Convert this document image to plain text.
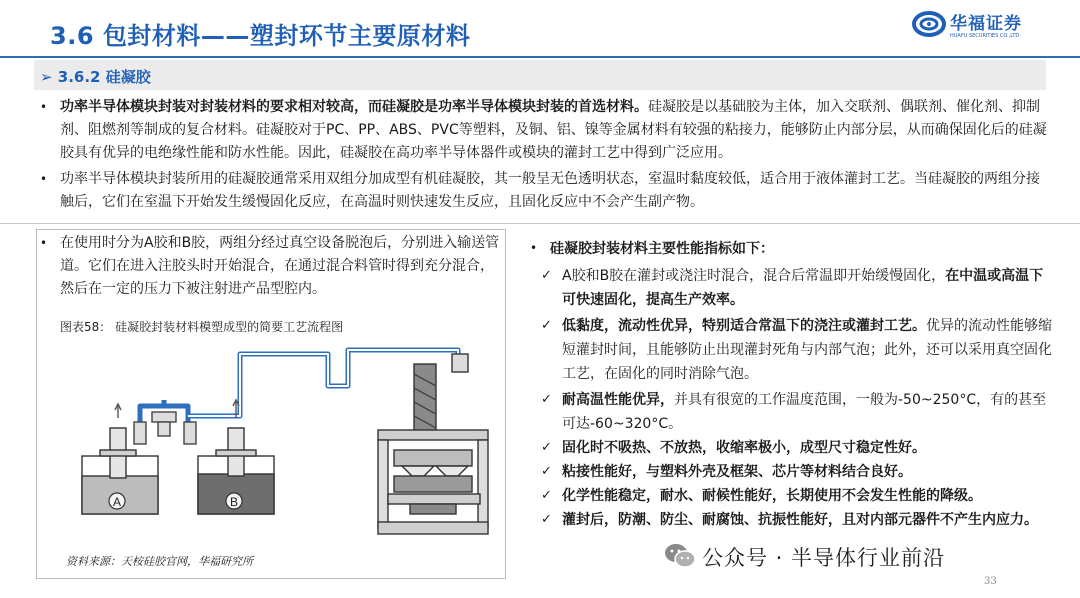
3.6 包封材料——塑封环节主要原材料	华福证券
HUAFU SECURITIES CO.,LTD.
➢ 3.6.2 硅凝胶
• 功率半导体模块封装对封装材料的要求相对较高，而硅凝胶是功率半导体模块封装的首选材料。硅凝胶是以基础胶为主体，加入交联剂、偶联剂、催化剂、抑制剂、阻燃剂等制成的复合材料。硅凝胶对于PC、PP、ABS、PVC等塑料，及铜、铝、镍等金属材料有较强的粘接力，能够防止内部分层，从而确保固化后的硅凝胶具有优异的电绝缘性能和防水性能。因此，硅凝胶在高功率半导体器件或模块的灌封工艺中得到广泛应用。
• 功率半导体模块封装所用的硅凝胶通常采用双组分加成型有机硅凝胶，其一般呈无色透明状态，室温时黏度较低，适合用于液体灌封工艺。当硅凝胶的两组分接触后，它们在室温下开始发生缓慢固化反应，在高温时则快速发生反应，且固化反应中不会产生副产物。
• 在使用时分为A胶和B胶，两组分经过真空设备脱泡后，分别进入输送管道。它们在进入注胶头时开始混合，在通过混合料管时得到充分混合，然后在一定的压力下被注射进产品型腔内。
图表58： 硅凝胶封装材料模塑成型的简要工艺流程图
A	B
资料来源：天桉硅胶官网，华福研究所
• 硅凝胶封装材料主要性能指标如下：
✓ A胶和B胶在灌封或浇注时混合，混合后常温即开始缓慢固化，在中温或高温下可快速固化，提高生产效率。
✓ 低黏度，流动性优异，特别适合常温下的浇注或灌封工艺。优异的流动性能够缩短灌封时间，且能够防止出现灌封死角与内部气泡；此外，还可以采用真空固化工艺，在固化的同时消除气泡。
✓ 耐高温性能优异，并具有很宽的工作温度范围，一般为-50~250°C，有的甚至可达-60~320°C。
✓ 固化时不吸热、不放热，收缩率极小，成型尺寸稳定性好。
✓ 粘接性能好，与塑料外壳及框架、芯片等材料结合良好。
✓ 化学性能稳定，耐水、耐候性能好，长期使用不会发生性能的降级。
✓ 灌封后，防潮、防尘、耐腐蚀、抗振性能好，且对内部元器件不产生内应力。
公众号 · 半导体行业前沿
33
